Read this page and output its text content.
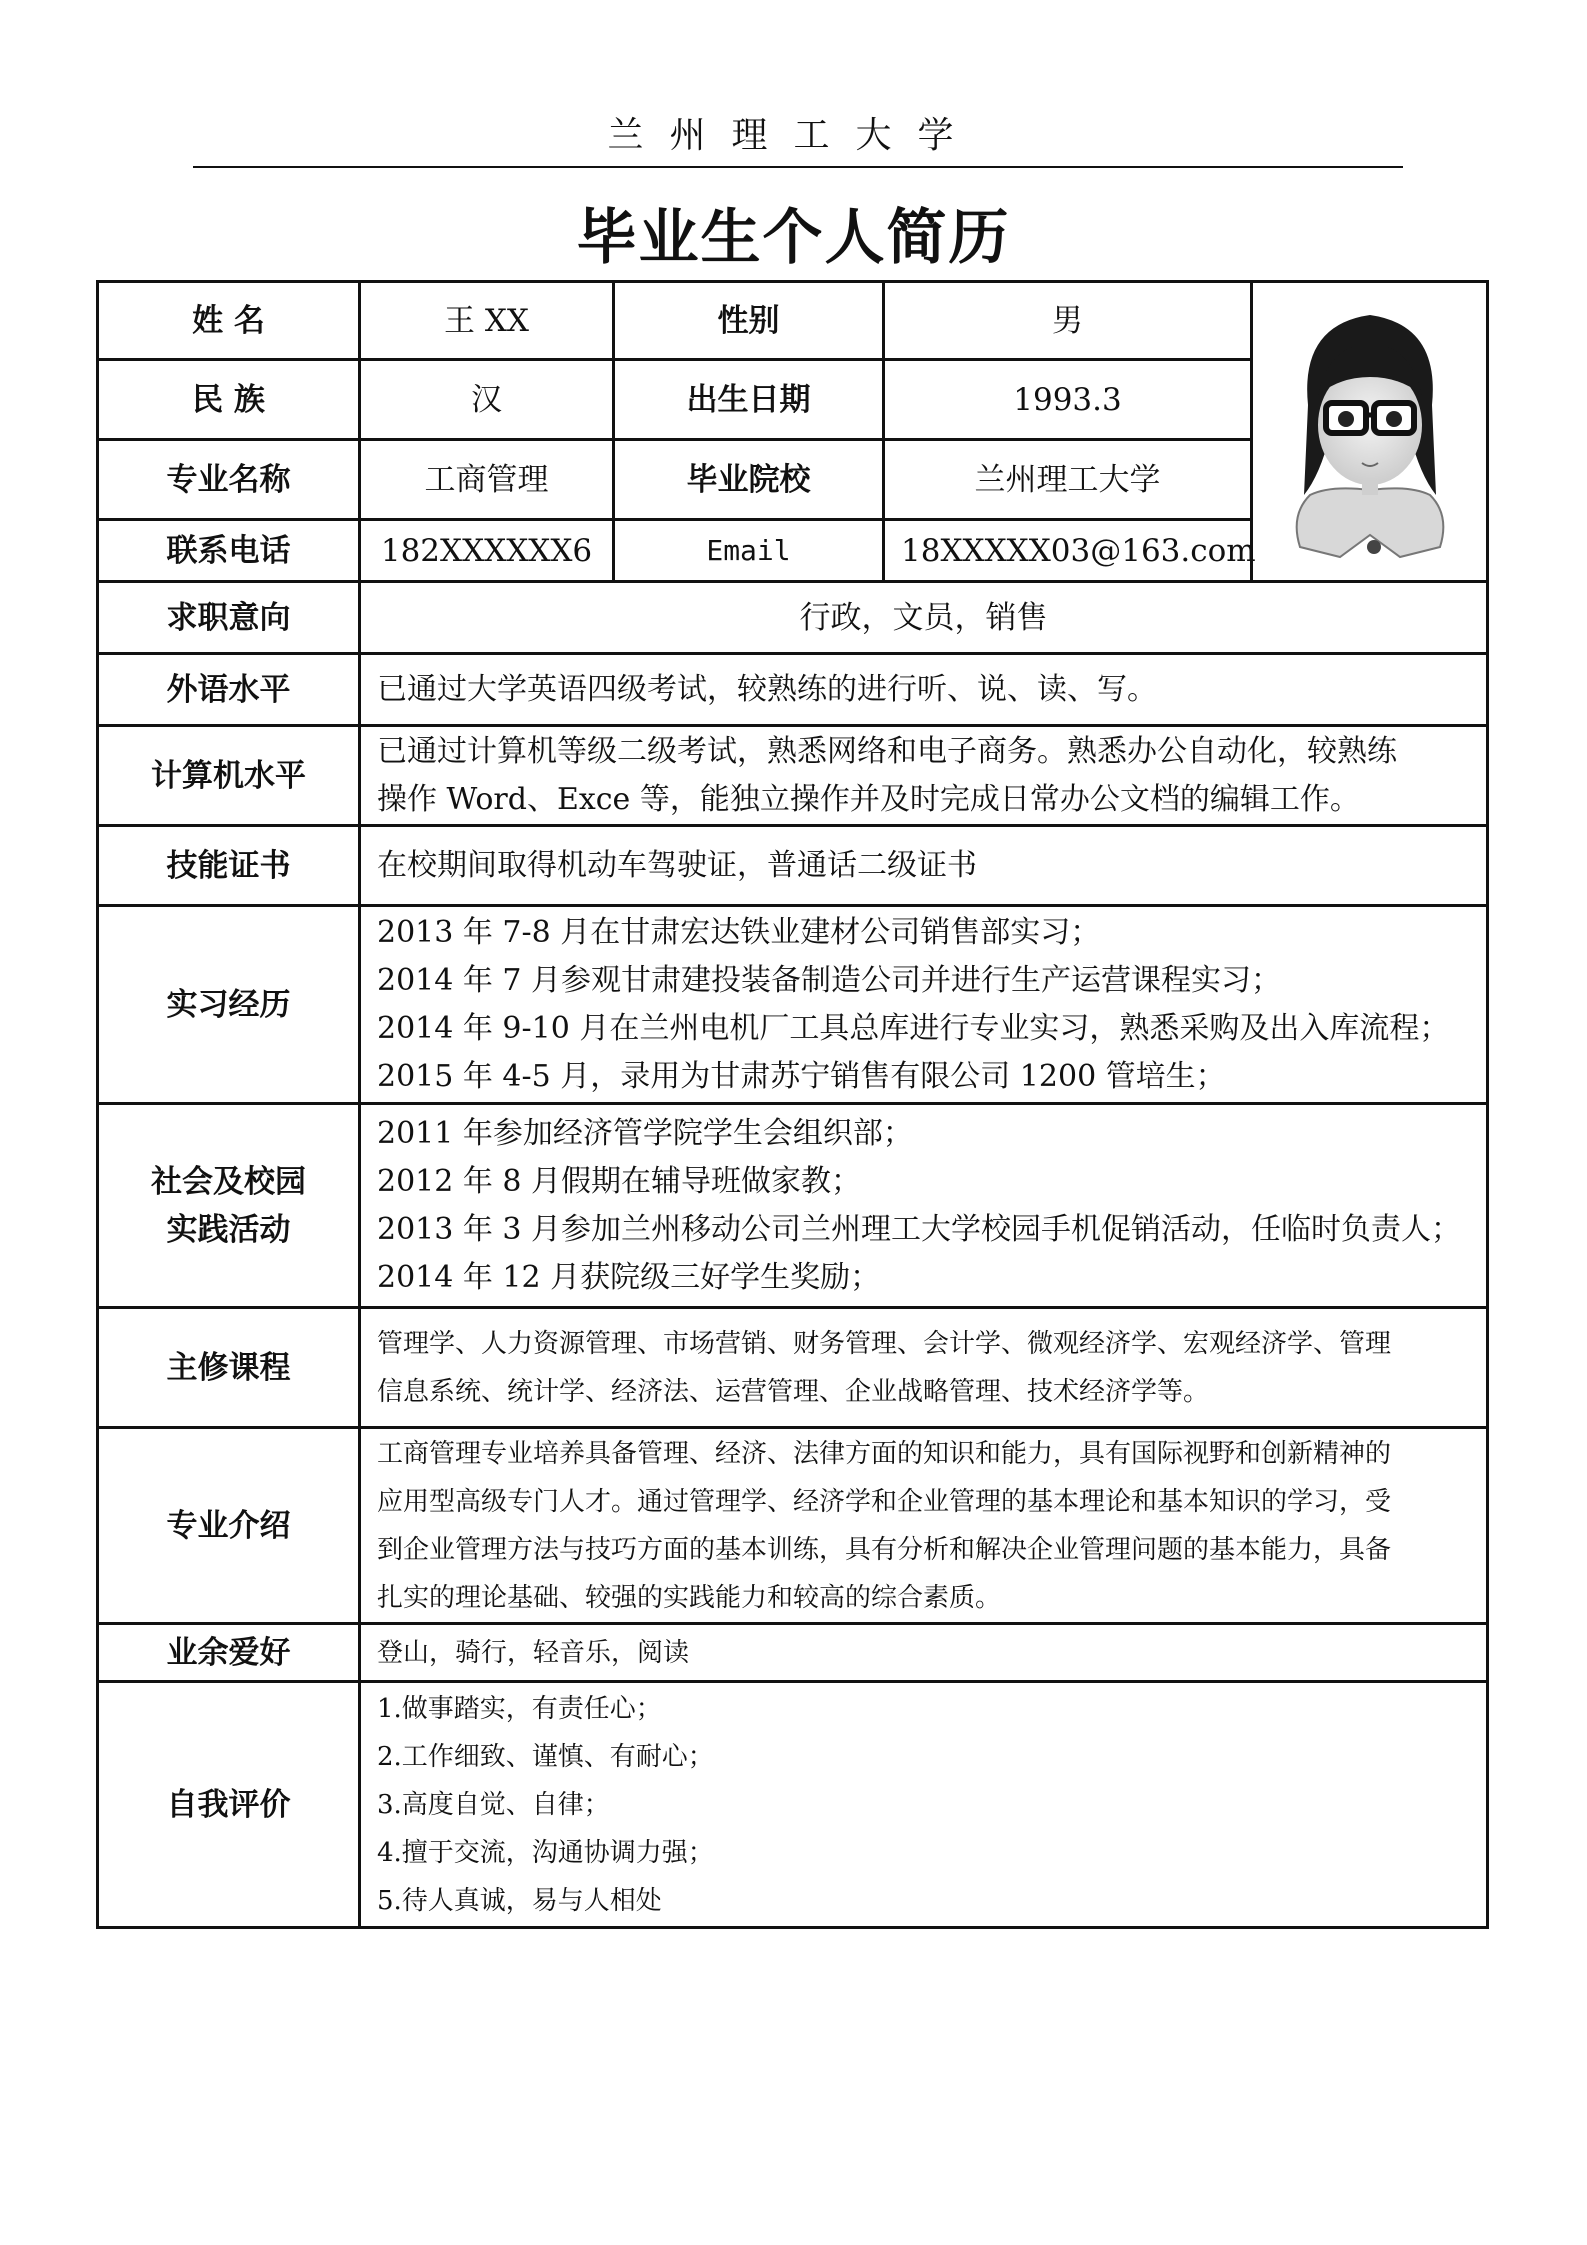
兰州理工大学
毕业生个人简历
姓 名	王 XX	性别	男	
民 族	汉	出生日期	1993.3	
专业名称	工商管理	毕业院校	兰州理工大学	
联系电话	182XXXXXX6	Email	18XXXXX03@163.com	
求职意向	行政，文员，销售			
外语水平	已通过大学英语四级考试，较熟练的进行听、说、读、写。			
计算机水平	已通过计算机等级二级考试，熟悉网络和电子商务。熟悉办公自动化，较熟练
操作 Word、Exce 等，能独立操作并及时完成日常办公文档的编辑工作。			

技能证书	在校期间取得机动车驾驶证，普通话二级证书			
实习经历	2013 年 7-8 月在甘肃宏达铁业建材公司销售部实习；
2014 年 7 月参观甘肃建投装备制造公司并进行生产运营课程实习；
2014 年 9-10 月在兰州电机厂工具总库进行专业实习，熟悉采购及出入库流程；
2015 年 4-5 月，录用为甘肃苏宁销售有限公司 1200 管培生；			

社会及校园
实践活动	2011 年参加经济管学院学生会组织部；
2012 年 8 月假期在辅导班做家教；
2013 年 3 月参加兰州移动公司兰州理工大学校园手机促销活动，任临时负责人；
2014 年 12 月获院级三好学生奖励；			

主修课程	管理学、人力资源管理、市场营销、财务管理、会计学、微观经济学、宏观经济学、管理
信息系统、统计学、经济法、运营管理、企业战略管理、技术经济学等。			

专业介绍	工商管理专业培养具备管理、经济、法律方面的知识和能力，具有国际视野和创新精神的
应用型高级专门人才。通过管理学、经济学和企业管理的基本理论和基本知识的学习，受
到企业管理方法与技巧方面的基本训练，具有分析和解决企业管理问题的基本能力，具备
扎实的理论基础、较强的实践能力和较高的综合素质。			

业余爱好	登山，骑行，轻音乐，阅读			
自我评价	1.做事踏实，有责任心；
2.工作细致、谨慎、有耐心；
3.高度自觉、自律；
4.擅于交流，沟通协调力强；
5.待人真诚，易与人相处			
